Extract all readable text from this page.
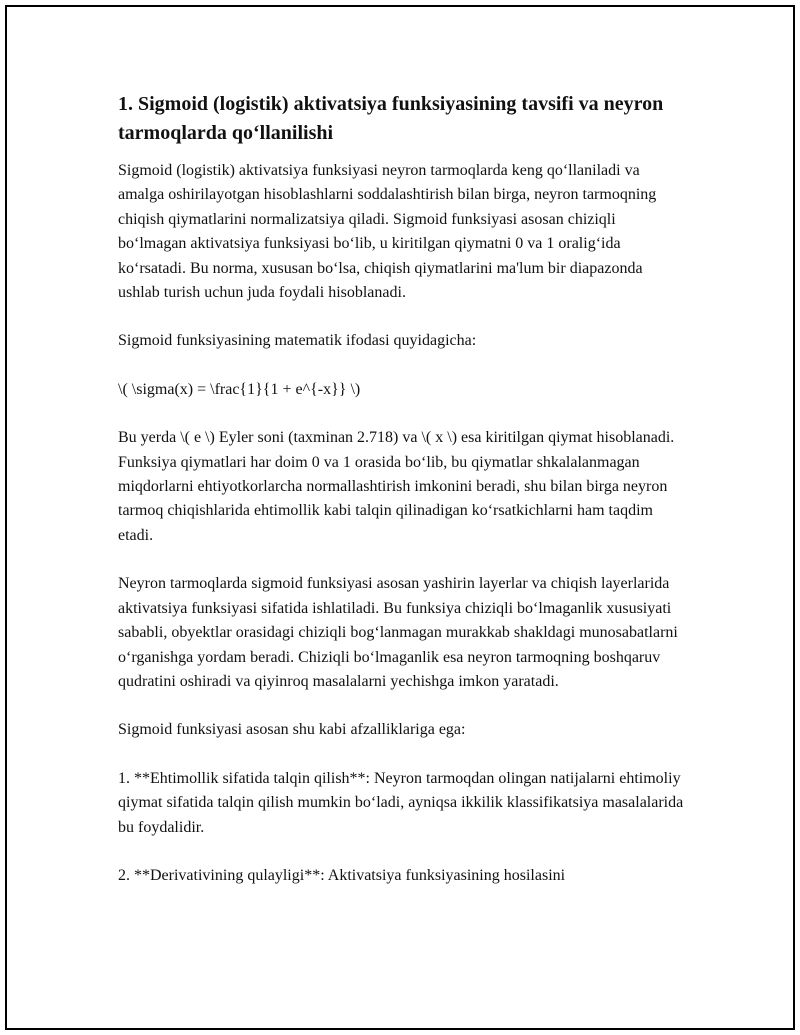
1. Sigmoid (logistik) aktivatsiya funksiyasining tavsifi va neyron tarmoqlarda qo‘llanilishi

Sigmoid (logistik) aktivatsiya funksiyasi neyron tarmoqlarda keng qo‘llaniladi va amalga oshirilayotgan hisoblashlarni soddalashtirish bilan birga, neyron tarmoqning chiqish qiymatlarini normalizatsiya qiladi. Sigmoid funksiyasi asosan chiziqli bo‘lmagan aktivatsiya funksiyasi bo‘lib, u kiritilgan qiymatni 0 va 1 oralig‘ida ko‘rsatadi. Bu norma, xususan bo‘lsa, chiqish qiymatlarini ma'lum bir diapazonda ushlab turish uchun juda foydali hisoblanadi.

Sigmoid funksiyasining matematik ifodasi quyidagicha:

\( \sigma(x) = \frac{1}{1 + e^{-x}} \)

Bu yerda \( e \) Eyler soni (taxminan 2.718) va \( x \) esa kiritilgan qiymat hisoblanadi. Funksiya qiymatlari har doim 0 va 1 orasida bo‘lib, bu qiymatlar shkalalanmagan miqdorlarni ehtiyotkorlarcha normallashtirish imkonini beradi, shu bilan birga neyron tarmoq chiqishlarida ehtimollik kabi talqin qilinadigan ko‘rsatkichlarni ham taqdim etadi.

Neyron tarmoqlarda sigmoid funksiyasi asosan yashirin layerlar va chiqish layerlarida aktivatsiya funksiyasi sifatida ishlatiladi. Bu funksiya chiziqli bo‘lmaganlik xususiyati sababli, obyektlar orasidagi chiziqli bog‘lanmagan murakkab shakldagi munosabatlarni o‘rganishga yordam beradi. Chiziqli bo‘lmaganlik esa neyron tarmoqning boshqaruv qudratini oshiradi va qiyinroq masalalarni yechishga imkon yaratadi.

Sigmoid funksiyasi asosan shu kabi afzalliklariga ega:

1. **Ehtimollik sifatida talqin qilish**: Neyron tarmoqdan olingan natijalarni ehtimoliy qiymat sifatida talqin qilish mumkin bo‘ladi, ayniqsa ikkilik klassifikatsiya masalalarida bu foydalidir.

2. **Derivativining qulayligi**: Aktivatsiya funksiyasining hosilasini
